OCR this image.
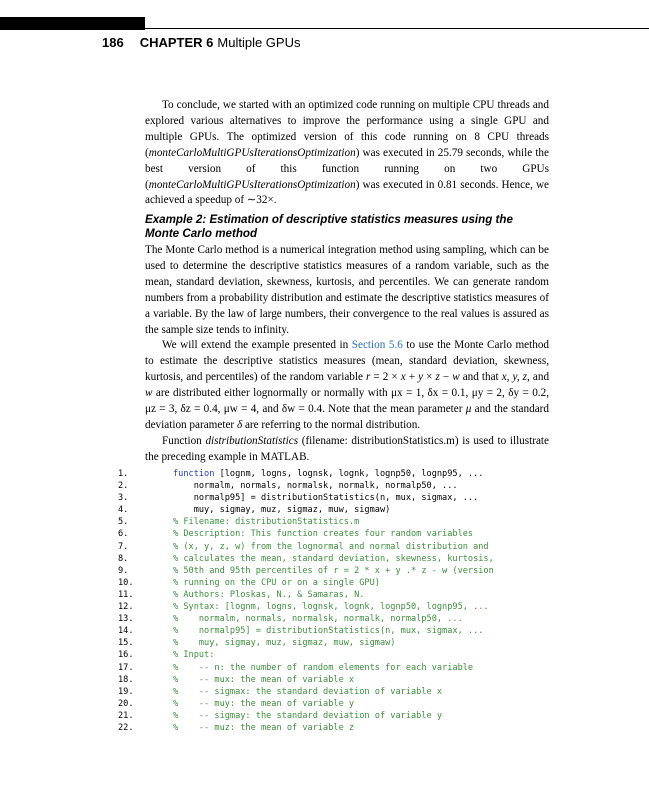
186 CHAPTER 6 Multiple GPUs

To conclude, we started with an optimized code running on multiple CPU threads and explored various alternatives to improve the performance using a single GPU and multiple GPUs. The optimized version of this code running on 8 CPU threads (monteCarloMultiGPUsIterationsOptimization) was executed in 25.79 seconds, while the best version of this function running on two GPUs (monteCarloMultiGPUsIterationsOptimization) was executed in 0.81 seconds. Hence, we achieved a speedup of ∼32×.

Example 2: Estimation of descriptive statistics measures using the Monte Carlo method

The Monte Carlo method is a numerical integration method using sampling, which can be used to determine the descriptive statistics measures of a random variable, such as the mean, standard deviation, skewness, kurtosis, and percentiles. We can generate random numbers from a probability distribution and estimate the descriptive statistics measures of a variable. By the law of large numbers, their convergence to the real values is assured as the sample size tends to infinity.

We will extend the example presented in Section 5.6 to use the Monte Carlo method to estimate the descriptive statistics measures (mean, standard deviation, skewness, kurtosis, and percentiles) of the random variable r = 2 × x + y × z − w and that x, y, z, and w are distributed either lognormally or normally with μx = 1, δx = 0.1, μy = 2, δy = 0.2, μz = 3, δz = 0.4, μw = 4, and δw = 0.4. Note that the mean parameter μ and the standard deviation parameter δ are referring to the normal distribution.

Function distributionStatistics (filename: distributionStatistics.m) is used to illustrate the preceding example in MATLAB.

1.	function [lognm, logns, lognsk, lognk, lognp50, lognp95, ...
2.	normalm, normals, normalsk, normalk, normalp50, ...
3.	normalp95] = distributionStatistics(n, mux, sigmax, ...
4.	muy, sigmay, muz, sigmaz, muw, sigmaw)
5.	% Filename: distributionStatistics.m
6.	% Description: This function creates four random variables
7.	% (x, y, z, w) from the lognormal and normal distribution and
8.	% calculates the mean, standard deviation, skewness, kurtosis,
9.	% 50th and 95th percentiles of r = 2 * x + y .* z - w (version
10.	% running on the CPU or on a single GPU)
11.	% Authors: Ploskas, N., & Samaras, N.
12.	% Syntax: [lognm, logns, lognsk, lognk, lognp50, lognp95, ...
13.	%    normalm, normals, normalsk, normalk, normalp50, ...
14.	%    normalp95] = distributionStatistics(n, mux, sigmax, ...
15.	%    muy, sigmay, muz, sigmaz, muw, sigmaw)
16.	% Input:
17.	%    -- n: the number of random elements for each variable
18.	%    -- mux: the mean of variable x
19.	%    -- sigmax: the standard deviation of variable x
20.	%    -- muy: the mean of variable y
21.	%    -- sigmay: the standard deviation of variable y
22.	%    -- muz: the mean of variable z
